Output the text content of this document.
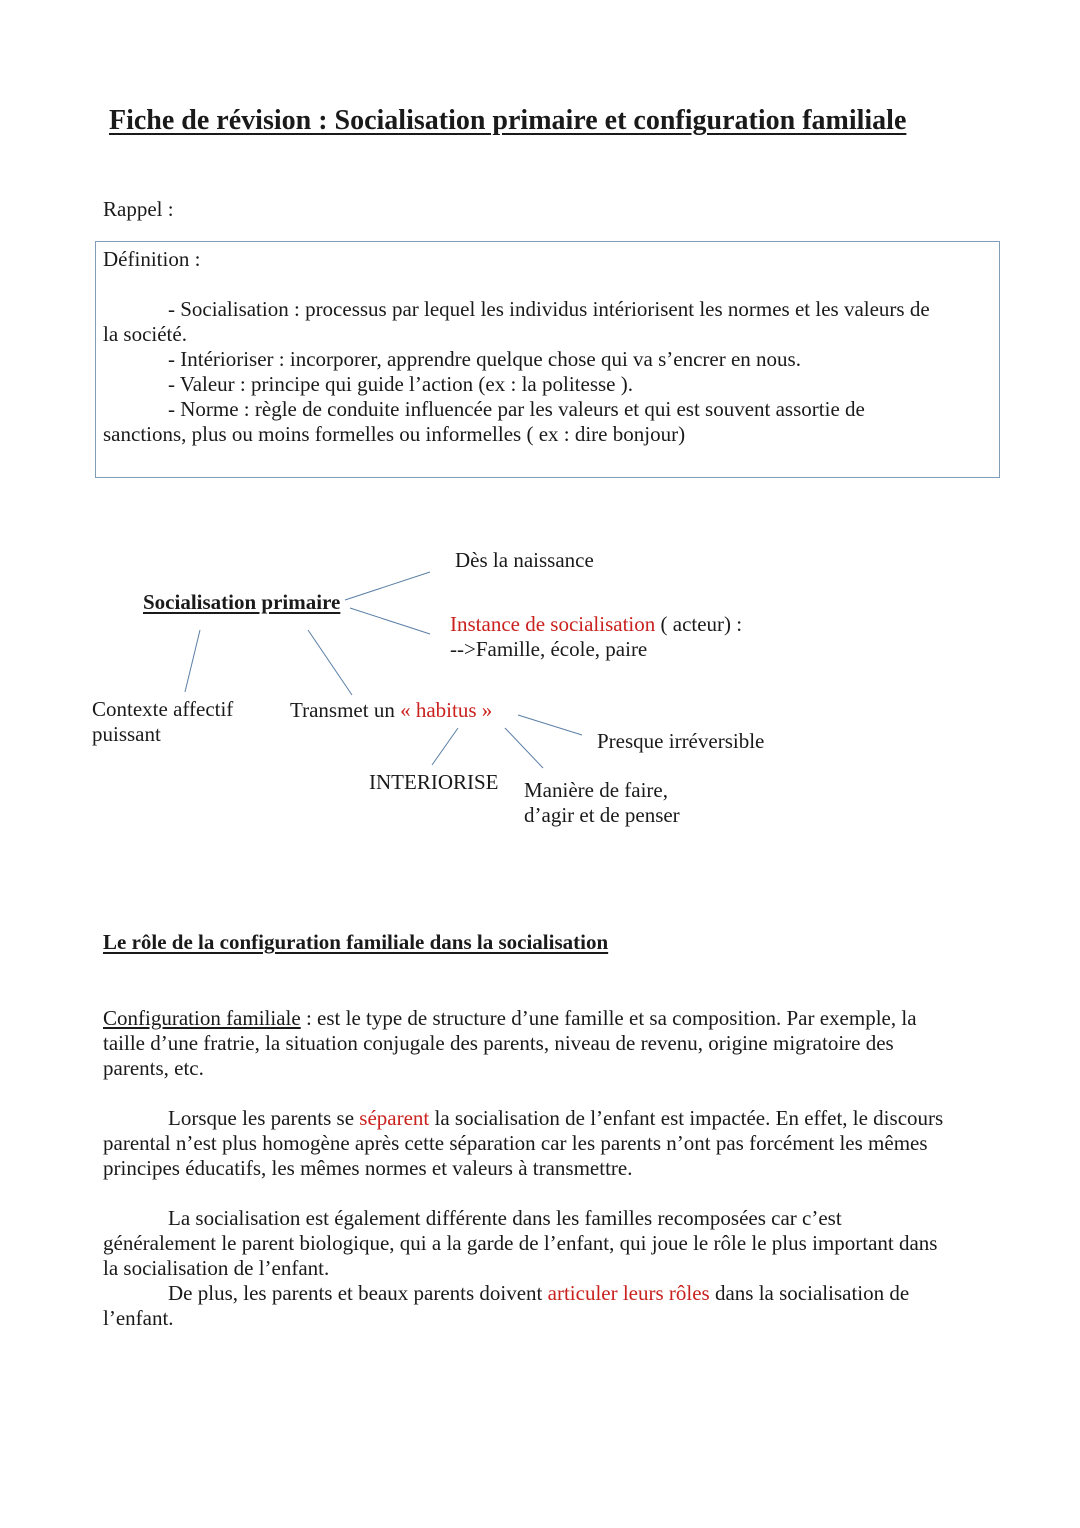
Fiche de révision : Socialisation primaire et configuration familiale
Rappel :
Définition :
- Socialisation : processus par lequel les individus intériorisent les normes et les valeurs de
la société.
- Intérioriser : incorporer, apprendre quelque chose qui va s’encrer en nous.
- Valeur : principe qui guide l’action (ex : la politesse ).
- Norme : règle de conduite influencée par les valeurs et qui est souvent assortie de
sanctions, plus ou moins formelles ou informelles ( ex : dire bonjour)
Dès la naissance
Socialisation primaire
Instance de socialisation ( acteur) :
-->Famille, école, paire
Contexte affectif
puissant
Transmet un « habitus »
Presque irréversible
INTERIORISE Manière de faire,
d’agir et de penser
Le rôle de la configuration familiale dans la socialisation
Configuration familiale : est le type de structure d’une famille et sa composition. Par exemple, la
taille d’une fratrie, la situation conjugale des parents, niveau de revenu, origine migratoire des
parents, etc.
Lorsque les parents se séparent la socialisation de l’enfant est impactée. En effet, le discours
parental n’est plus homogène après cette séparation car les parents n’ont pas forcément les mêmes
principes éducatifs, les mêmes normes et valeurs à transmettre.
La socialisation est également différente dans les familles recomposées car c’est
généralement le parent biologique, qui a la garde de l’enfant, qui joue le rôle le plus important dans
la socialisation de l’enfant.
De plus, les parents et beaux parents doivent articuler leurs rôles dans la socialisation de
l’enfant.
